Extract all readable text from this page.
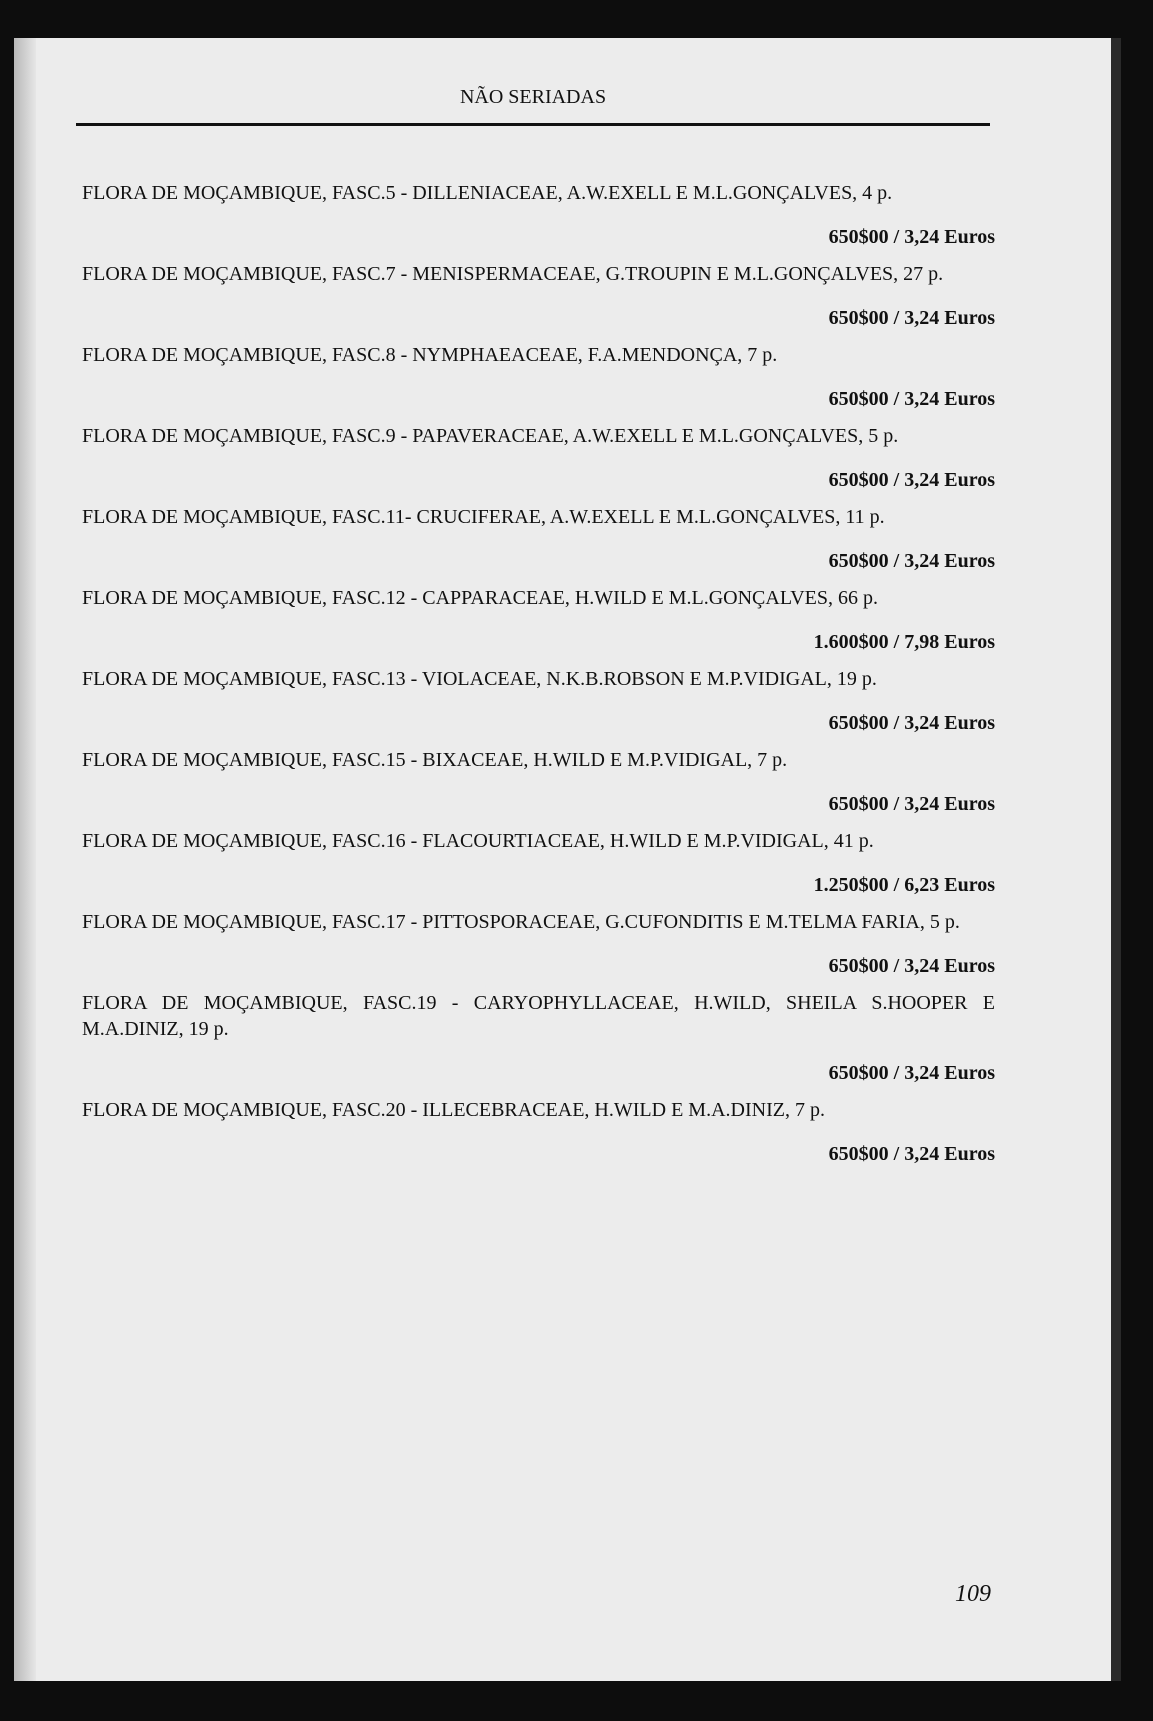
NÃO SERIADAS
FLORA DE MOÇAMBIQUE, FASC.5 - DILLENIACEAE, A.W.EXELL E M.L.GONÇALVES, 4 p.
650$00 / 3,24 Euros
FLORA DE MOÇAMBIQUE, FASC.7 - MENISPERMACEAE, G.TROUPIN E M.L.GONÇALVES, 27 p.
650$00 / 3,24 Euros
FLORA DE MOÇAMBIQUE, FASC.8 - NYMPHAEACEAE, F.A.MENDONÇA, 7 p.
650$00 / 3,24 Euros
FLORA DE MOÇAMBIQUE, FASC.9 - PAPAVERACEAE, A.W.EXELL E M.L.GONÇALVES, 5 p.
650$00 / 3,24 Euros
FLORA DE MOÇAMBIQUE, FASC.11- CRUCIFERAE, A.W.EXELL E M.L.GONÇALVES, 11 p.
650$00 / 3,24 Euros
FLORA DE MOÇAMBIQUE, FASC.12 - CAPPARACEAE, H.WILD E M.L.GONÇALVES, 66 p.
1.600$00 / 7,98 Euros
FLORA DE MOÇAMBIQUE, FASC.13 - VIOLACEAE, N.K.B.ROBSON E M.P.VIDIGAL, 19 p.
650$00 / 3,24 Euros
FLORA DE MOÇAMBIQUE, FASC.15 - BIXACEAE, H.WILD E M.P.VIDIGAL, 7 p.
650$00 / 3,24 Euros
FLORA DE MOÇAMBIQUE, FASC.16 - FLACOURTIACEAE, H.WILD E M.P.VIDIGAL, 41 p.
1.250$00 / 6,23 Euros
FLORA DE MOÇAMBIQUE, FASC.17 - PITTOSPORACEAE, G.CUFONDITIS E M.TELMA FARIA, 5 p.
650$00 / 3,24 Euros
FLORA DE MOÇAMBIQUE, FASC.19 - CARYOPHYLLACEAE, H.WILD, SHEILA S.HOOPER E M.A.DINIZ, 19 p.
650$00 / 3,24 Euros
FLORA DE MOÇAMBIQUE, FASC.20 - ILLECEBRACEAE, H.WILD E M.A.DINIZ, 7 p.
650$00 / 3,24 Euros
109
